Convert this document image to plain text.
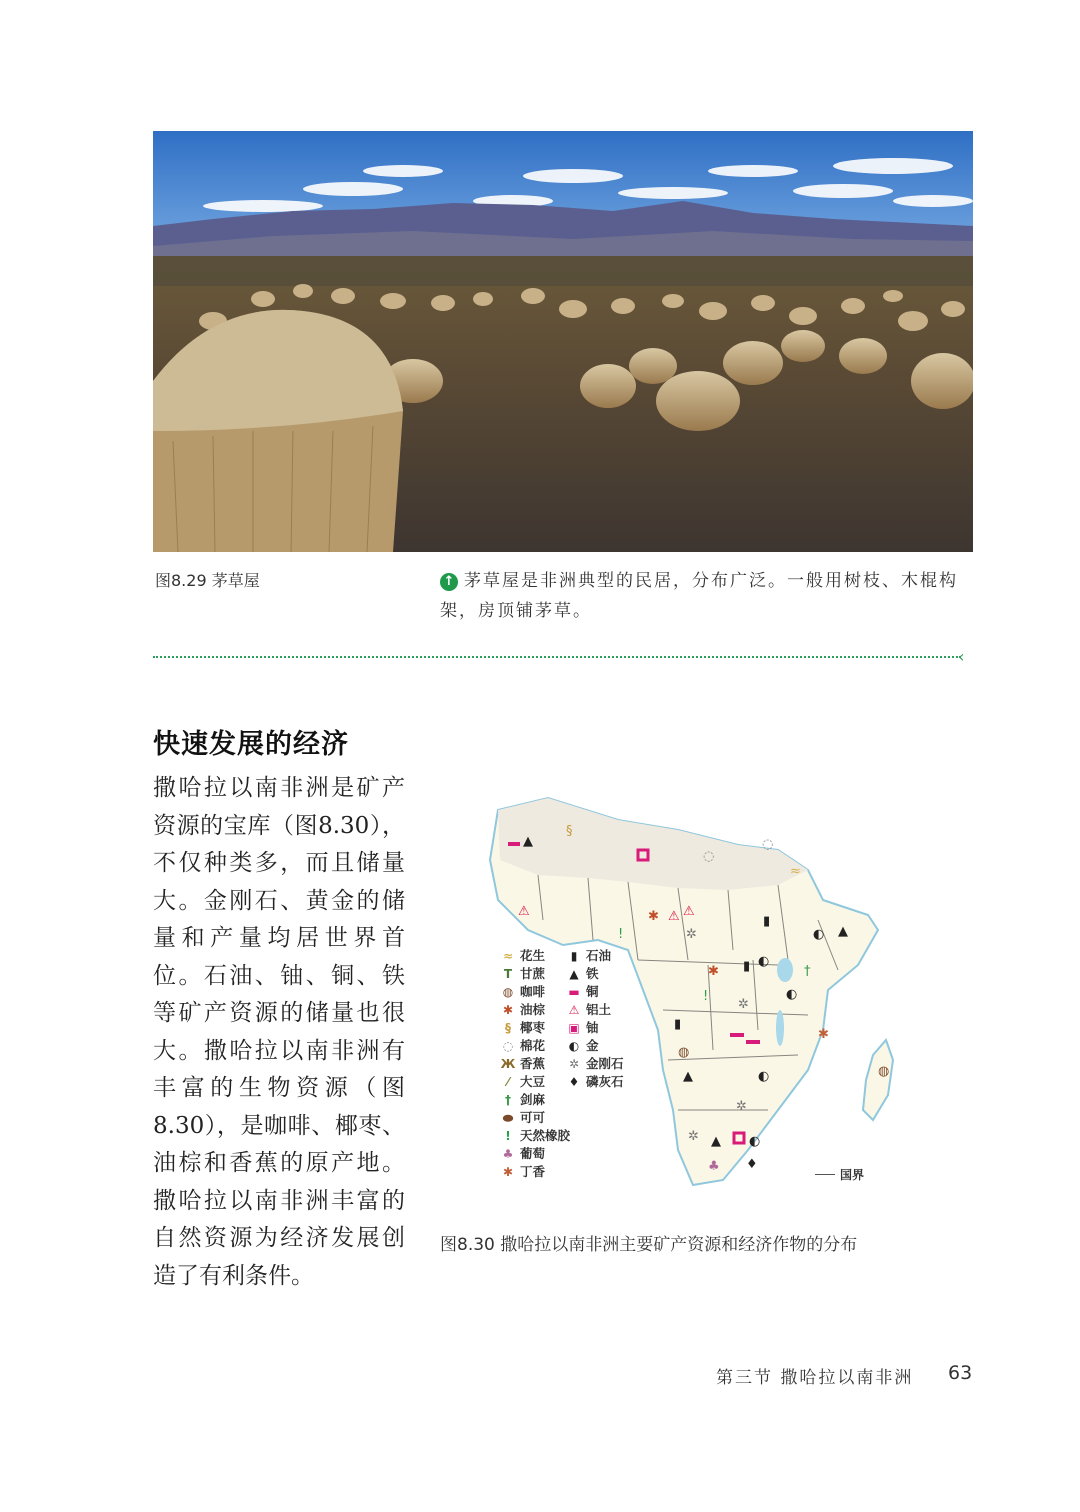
图8.29 茅草屋	↑ 茅草屋是非洲典型的民居，分布广泛。一般用树枝、木棍构架，房顶铺茅草。
‹
快速发展的经济
撒哈拉以南非洲是矿产资源的宝库（图8.30），不仅种类多，而且储量大。金刚石、黄金的储量和产量均居世界首位。石油、铀、铜、铁等矿产资源的储量也很大。撒哈拉以南非洲有丰富的生物资源（图8.30），是咖啡、椰枣、油棕和香蕉的原产地。撒哈拉以南非洲丰富的自然资源为经济发展创造了有利条件。
▲
§
◌
◌
≈
⚠	⚠
⚠
✱
!	✲
▮
◐ ▲
▮ ◐
†
◐
✱
!
✲
▮
◍
▲	◐
✲
✲ ▲ ◐
♣ ♦
✱
◍
≈ 花生
T 甘蔗
◍ 咖啡
✱ 油棕
§ 椰枣
◌ 棉花
Ж 香蕉
⁄ 大豆
† 剑麻
⬬ 可可
! 天然橡胶
♣ 葡萄
✱ 丁香
▮ 石油
▲ 铁
▬ 铜
⚠ 铝土
▣ 铀
◐ 金
✲ 金刚石
♦ 磷灰石
国界
图8.30 撒哈拉以南非洲主要矿产资源和经济作物的分布
第三节 撒哈拉以南非洲 63
